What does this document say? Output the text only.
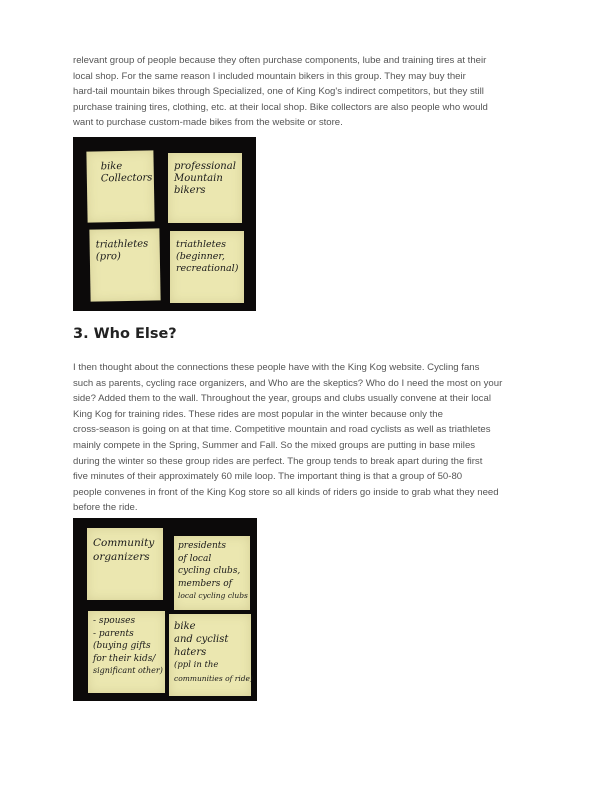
relevant group of people because they often purchase components, lube and training tires at their
local shop. For the same reason I included mountain bikers in this group. They may buy their
hard-tail mountain bikes through Specialized, one of King Kog's indirect competitors, but they still
purchase training tires, clothing, etc. at their local shop. Bike collectors are also people who would
want to purchase custom-made bikes from the website or store.

bike
Collectors
professional
Mountain
bikers
triathletes
(pro)
triathletes
(beginner,
recreational)
3. Who Else?

I then thought about the connections these people have with the King Kog website. Cycling fans
such as parents, cycling race organizers, and Who are the skeptics? Who do I need the most on your
side? Added them to the wall. Throughout the year, groups and clubs usually convene at their local
King Kog for training rides. These rides are most popular in the winter because only the
cross-season is going on at that time. Competitive mountain and road cyclists as well as triathletes
mainly compete in the Spring, Summer and Fall. So the mixed groups are putting in base miles
during the winter so these group rides are perfect. The group tends to break apart during the first
five minutes of their approximately 60 mile loop. The important thing is that a group of 50-80
people convenes in front of the King Kog store so all kinds of riders go inside to grab what they need
before the ride.

Community
organizers
presidents
of local
cycling clubs,
members of
local cycling clubs
- spouses
- parents
(buying gifts
for their kids/
significant other)
bike
and cyclist
haters
(ppl in the
communities of ride)
